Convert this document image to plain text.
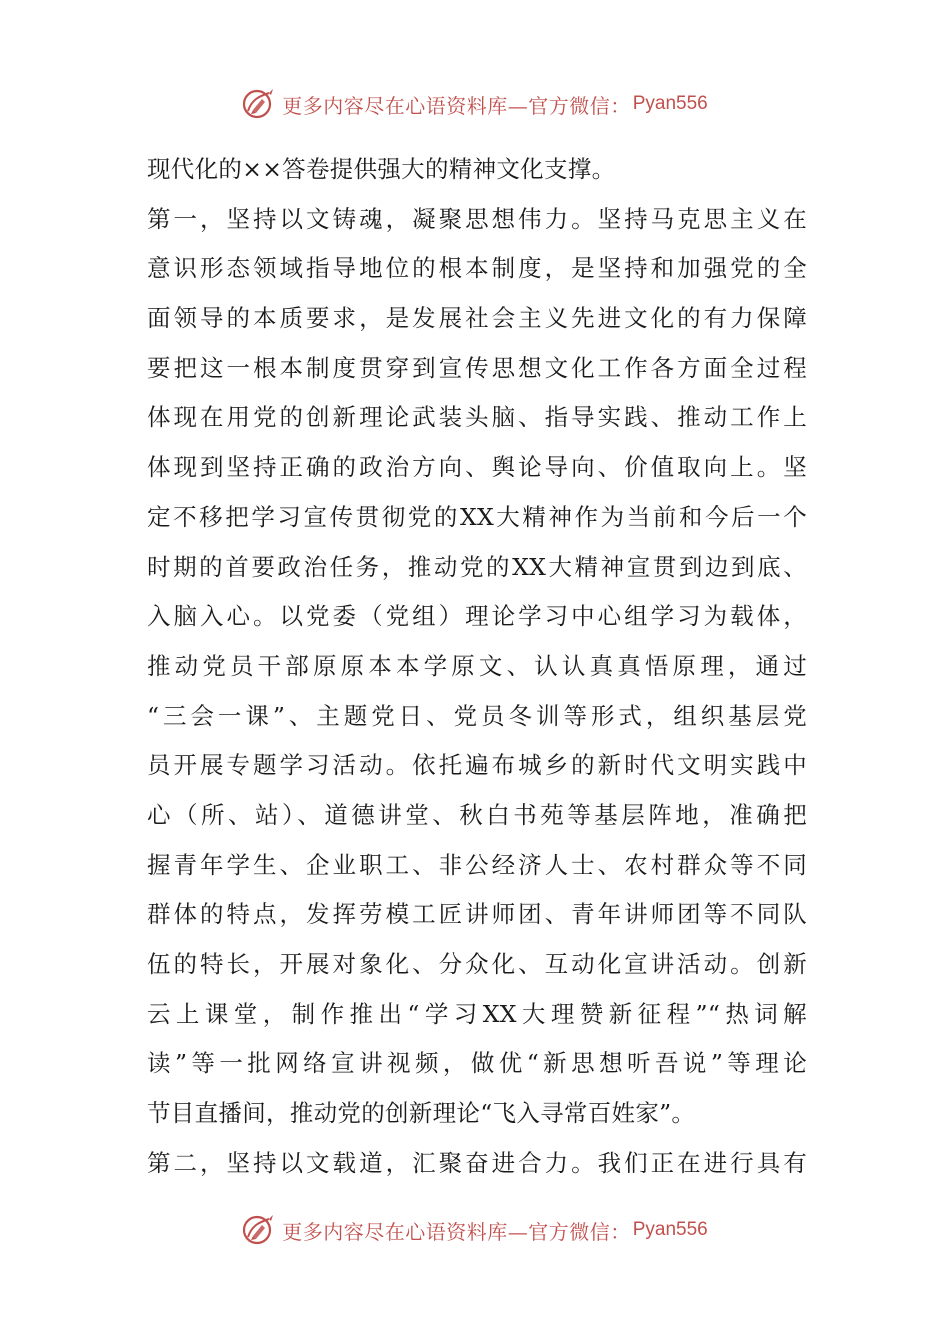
更多内容尽在心语资料库—官方微信： Pyan556
现代化的××答卷提供强大的精神文化支撑。
第一，坚持以文铸魂，凝聚思想伟力。坚持马克思主义在
意识形态领域指导地位的根本制度，是坚持和加强党的全
面领导的本质要求，是发展社会主义先进文化的有力保障
要把这一根本制度贯穿到宣传思想文化工作各方面全过程
体现在用党的创新理论武装头脑、指导实践、推动工作上
体现到坚持正确的政治方向、舆论导向、价值取向上。坚
定不移把学习宣传贯彻党的XX大精神作为当前和今后一个
时期的首要政治任务，推动党的XX大精神宣贯到边到底、
入脑入心。以党委（党组）理论学习中心组学习为载体，
推动党员干部原原本本学原文、认认真真悟原理，通过
“三会一课”、主题党日、党员冬训等形式，组织基层党
员开展专题学习活动。依托遍布城乡的新时代文明实践中
心（所、站）、道德讲堂、秋白书苑等基层阵地，准确把
握青年学生、企业职工、非公经济人士、农村群众等不同
群体的特点，发挥劳模工匠讲师团、青年讲师团等不同队
伍的特长，开展对象化、分众化、互动化宣讲活动。创新
云上课堂，制作推出“学习XX大理赞新征程”“热词解
读”等一批网络宣讲视频，做优“新思想听吾说”等理论
节目直播间，推动党的创新理论“飞入寻常百姓家”。
第二，坚持以文载道，汇聚奋进合力。我们正在进行具有
更多内容尽在心语资料库—官方微信： Pyan556
